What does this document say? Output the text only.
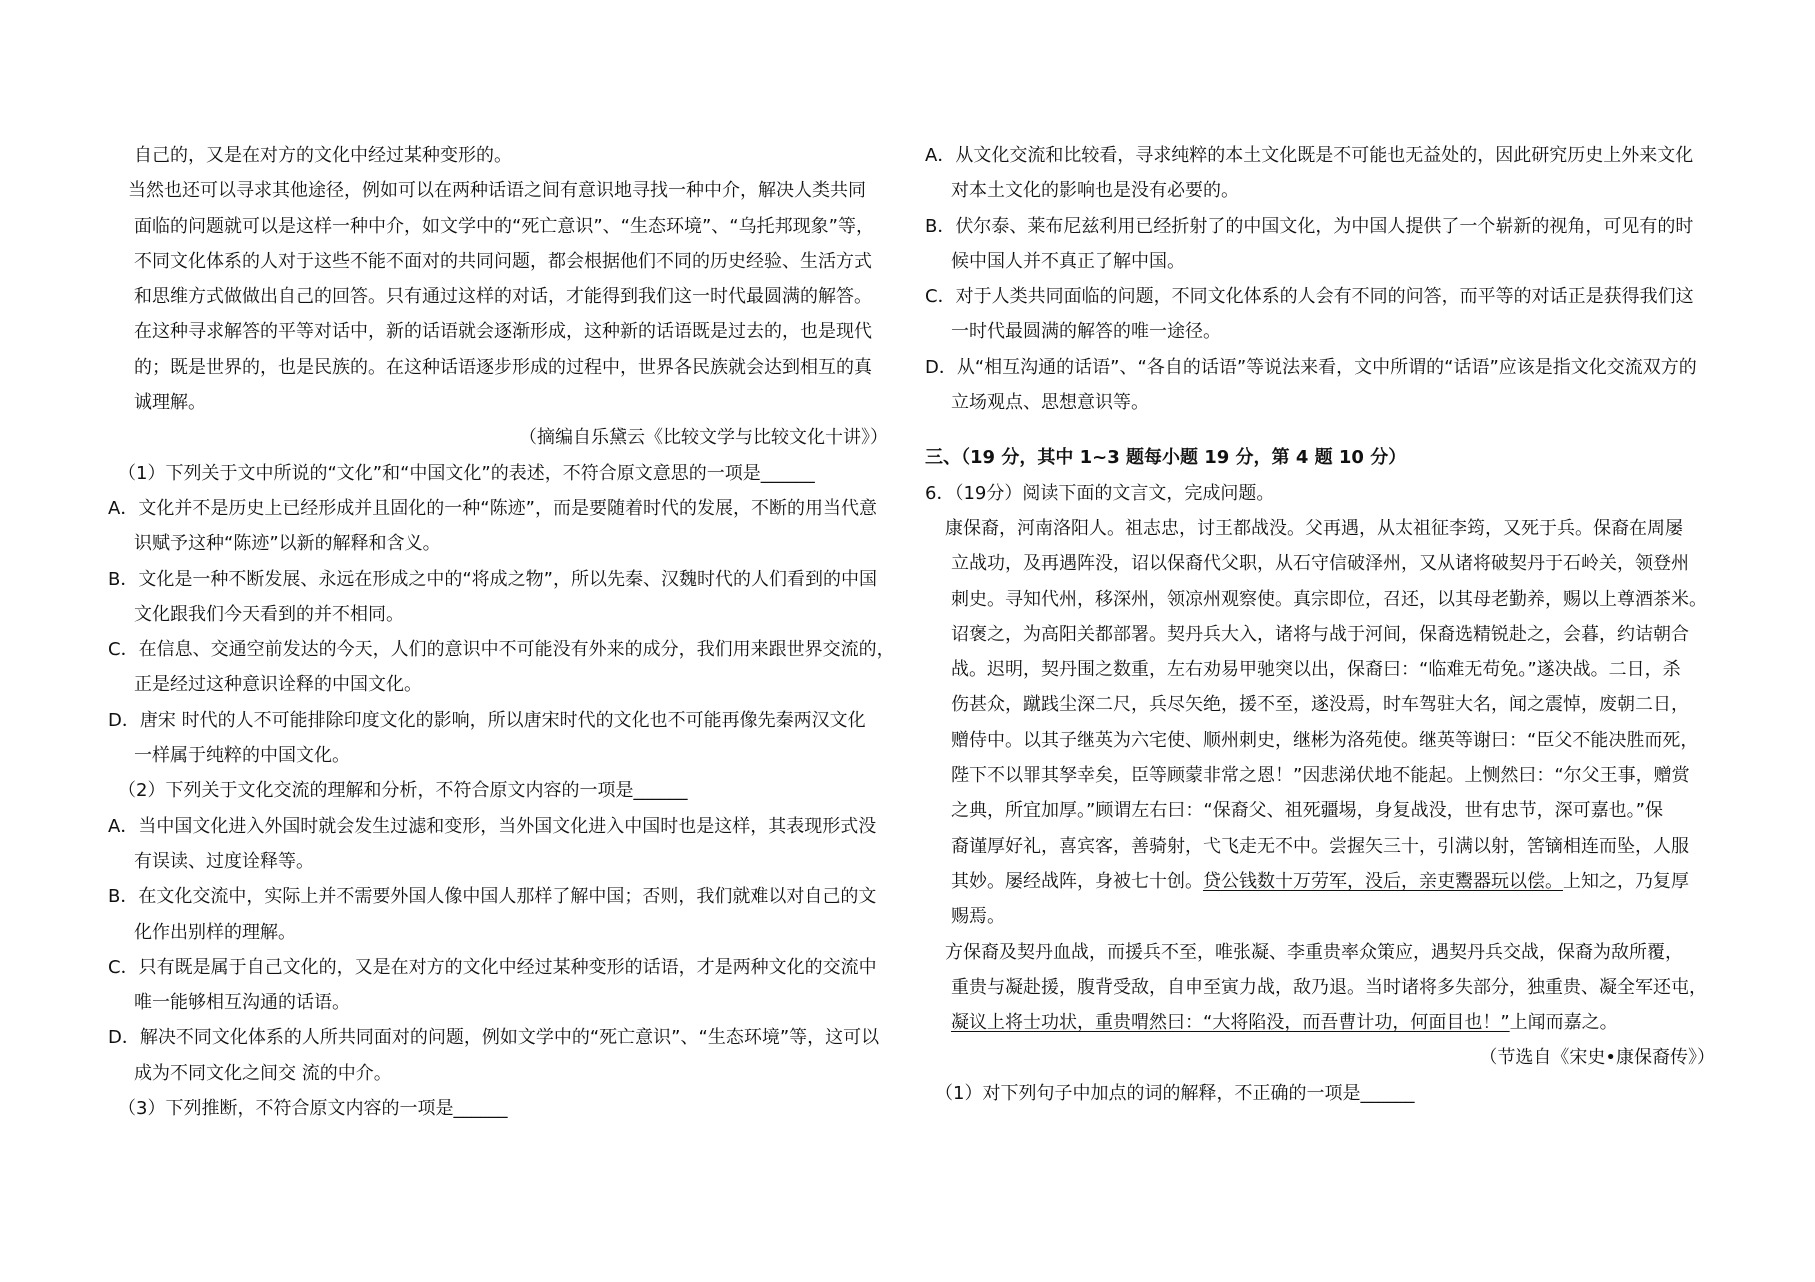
自己的，又是在对方的文化中经过某种变形的。
当然也还可以寻求其他途径，例如可以在两种话语之间有意识地寻找一种中介，解决人类共同
面临的问题就可以是这样一种中介，如文学中的“死亡意识”、“生态环境”、“乌托邦现象”等，
不同文化体系的人对于这些不能不面对的共同问题，都会根据他们不同的历史经验、生活方式
和思维方式做做出自己的回答。只有通过这样的对话，才能得到我们这一时代最圆满的解答。
在这种寻求解答的平等对话中，新的话语就会逐渐形成，这种新的话语既是过去的，也是现代
的；既是世界的，也是民族的。在这种话语逐步形成的过程中，世界各民族就会达到相互的真
诚理解。
（摘编自乐黛云《比较文学与比较文化十讲》）
（1）下列关于文中所说的“文化”和“中国文化”的表述，不符合原文意思的一项是______
A．文化并不是历史上已经形成并且固化的一种“陈迹”，而是要随着时代的发展，不断的用当代意
识赋予这种“陈迹”以新的解释和含义。
B．文化是一种不断发展、永远在形成之中的“将成之物”，所以先秦、汉魏时代的人们看到的中国
文化跟我们今天看到的并不相同。
C．在信息、交通空前发达的今天，人们的意识中不可能没有外来的成分，我们用来跟世界交流的，
正是经过这种意识诠释的中国文化。
D．唐宋 时代的人不可能排除印度文化的影响，所以唐宋时代的文化也不可能再像先秦两汉文化
一样属于纯粹的中国文化。
（2）下列关于文化交流的理解和分析，不符合原文内容的一项是______
A．当中国文化进入外国时就会发生过滤和变形，当外国文化进入中国时也是这样，其表现形式没
有误读、过度诠释等。
B．在文化交流中，实际上并不需要外国人像中国人那样了解中国；否则，我们就难以对自己的文
化作出别样的理解。
C．只有既是属于自己文化的，又是在对方的文化中经过某种变形的话语，才是两种文化的交流中
唯一能够相互沟通的话语。
D．解决不同文化体系的人所共同面对的问题，例如文学中的“死亡意识”、“生态环境”等，这可以
成为不同文化之间交 流的中介。
（3）下列推断，不符合原文内容的一项是______
A．从文化交流和比较看，寻求纯粹的本土文化既是不可能也无益处的，因此研究历史上外来文化
对本土文化的影响也是没有必要的。
B．伏尔泰、莱布尼兹利用已经折射了的中国文化，为中国人提供了一个崭新的视角，可见有的时
候中国人并不真正了解中国。
C．对于人类共同面临的问题，不同文化体系的人会有不同的问答，而平等的对话正是获得我们这
一时代最圆满的解答的唯一途径。
D．从“相互沟通的话语”、“各自的话语”等说法来看，文中所谓的“话语”应该是指文化交流双方的
立场观点、思想意识等。
三、（19 分，其中 1~3 题每小题 19 分，第 4 题 10 分）
6．（19分）阅读下面的文言文，完成问题。
康保裔，河南洛阳人。祖志忠，讨王都战没。父再遇，从太祖征李筠，又死于兵。保裔在周屡
立战功，及再遇阵没，诏以保裔代父职，从石守信破泽州，又从诸将破契丹于石岭关，领登州
刺史。寻知代州，移深州，领凉州观察使。真宗即位，召还，以其母老勤养，赐以上尊酒茶米。
诏褒之，为高阳关都部署。契丹兵大入，诸将与战于河间，保裔选精锐赴之，会暮，约诘朝合
战。迟明，契丹围之数重，左右劝易甲驰突以出，保裔曰：“临难无苟免。”遂决战。二日，杀
伤甚众，蹴践尘深二尺，兵尽矢绝，援不至，遂没焉，时车驾驻大名，闻之震悼，废朝二日，
赠侍中。以其子继英为六宅使、顺州刺史，继彬为洛苑使。继英等谢曰：“臣父不能决胜而死，
陛下不以罪其孥幸矣，臣等顾蒙非常之恩！”因悲涕伏地不能起。上恻然曰：“尔父王事，赠赏
之典，所宜加厚。”顾谓左右曰：“保裔父、祖死疆埸，身复战没，世有忠节，深可嘉也。”保
裔谨厚好礼，喜宾客，善骑射，弋飞走无不中。尝握矢三十，引满以射，筈镝相连而坠，人服
其妙。屡经战阵，身被七十创。贷公钱数十万劳军，没后，亲吏鬻器玩以偿。上知之，乃复厚
赐焉。
方保裔及契丹血战，而援兵不至，唯张凝、李重贵率众策应，遇契丹兵交战，保裔为敌所覆，
重贵与凝赴援，腹背受敌，自申至寅力战，敌乃退。当时诸将多失部分，独重贵、凝全军还屯，
凝议上将士功状，重贵喟然曰：“大将陷没，而吾曹计功，何面目也！”上闻而嘉之。
（节选自《宋史•康保裔传》）
（1）对下列句子中加点的词的解释，不正确的一项是______
